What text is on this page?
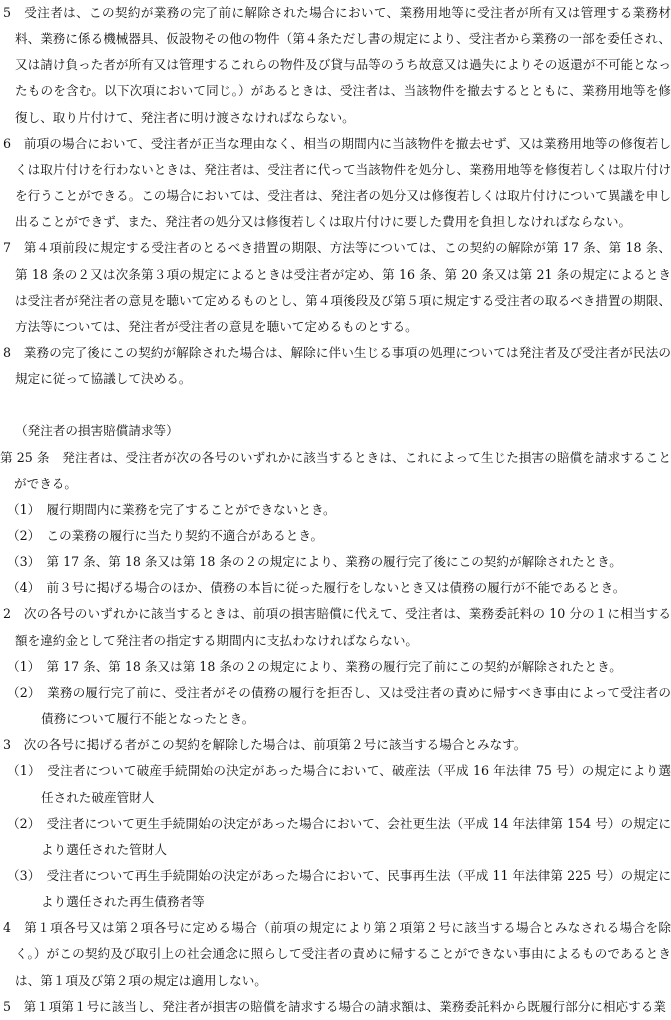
5　受注者は、この契約が業務の完了前に解除された場合において、業務用地等に受注者が所有又は管理する業務材料、業務に係る機械器具、仮設物その他の物件（第４条ただし書の規定により、受注者から業務の一部を委任され、又は請け負った者が所有又は管理するこれらの物件及び貸与品等のうち故意又は過失によりその返還が不可能となったものを含む。以下次項において同じ。）があるときは、受注者は、当該物件を撤去するとともに、業務用地等を修復し、取り片付けて、発注者に明け渡さなければならない。
6　前項の場合において、受注者が正当な理由なく、相当の期間内に当該物件を撤去せず、又は業務用地等の修復若しくは取片付けを行わないときは、発注者は、受注者に代って当該物件を処分し、業務用地等を修復若しくは取片付けを行うことができる。この場合においては、受注者は、発注者の処分又は修復若しくは取片付けについて異議を申し出ることができず、また、発注者の処分又は修復若しくは取片付けに要した費用を負担しなければならない。
7　第４項前段に規定する受注者のとるべき措置の期限、方法等については、この契約の解除が第 17 条、第 18 条、第 18 条の２又は次条第３項の規定によるときは受注者が定め、第 16 条、第 20 条又は第 21 条の規定によるときは受注者が発注者の意見を聴いて定めるものとし、第４項後段及び第５項に規定する受注者の取るべき措置の期限、方法等については、発注者が受注者の意見を聴いて定めるものとする。
8　業務の完了後にこの契約が解除された場合は、解除に伴い生じる事項の処理については発注者及び受注者が民法の規定に従って協議して決める。
（発注者の損害賠償請求等）
第 25 条　発注者は、受注者が次の各号のいずれかに該当するときは、これによって生じた損害の賠償を請求することができる。
（1）　履行期間内に業務を完了することができないとき。
（2）　この業務の履行に当たり契約不適合があるとき。
（3）　第 17 条、第 18 条又は第 18 条の２の規定により、業務の履行完了後にこの契約が解除されたとき。
（4）　前３号に掲げる場合のほか、債務の本旨に従った履行をしないとき又は債務の履行が不能であるとき。
2　次の各号のいずれかに該当するときは、前項の損害賠償に代えて、受注者は、業務委託料の 10 分の１に相当する額を違約金として発注者の指定する期間内に支払わなければならない。
（1）　第 17 条、第 18 条又は第 18 条の２の規定により、業務の履行完了前にこの契約が解除されたとき。
（2）　業務の履行完了前に、受注者がその債務の履行を拒否し、又は受注者の責めに帰すべき事由によって受注者の債務について履行不能となったとき。
3　次の各号に掲げる者がこの契約を解除した場合は、前項第２号に該当する場合とみなす。
（1）　受注者について破産手続開始の決定があった場合において、破産法（平成 16 年法律 75 号）の規定により選任された破産管財人
（2）　受注者について更生手続開始の決定があった場合において、会社更生法（平成 14 年法律第 154 号）の規定により選任された管財人
（3）　受注者について再生手続開始の決定があった場合において、民事再生法（平成 11 年法律第 225 号）の規定により選任された再生債務者等
4　第１項各号又は第２項各号に定める場合（前項の規定により第２項第２号に該当する場合とみなされる場合を除く。）がこの契約及び取引上の社会通念に照らして受注者の責めに帰することができない事由によるものであるときは、第１項及び第２項の規定は適用しない。
5　第１項第１号に該当し、発注者が損害の賠償を請求する場合の請求額は、業務委託料から既履行部分に相応する業
